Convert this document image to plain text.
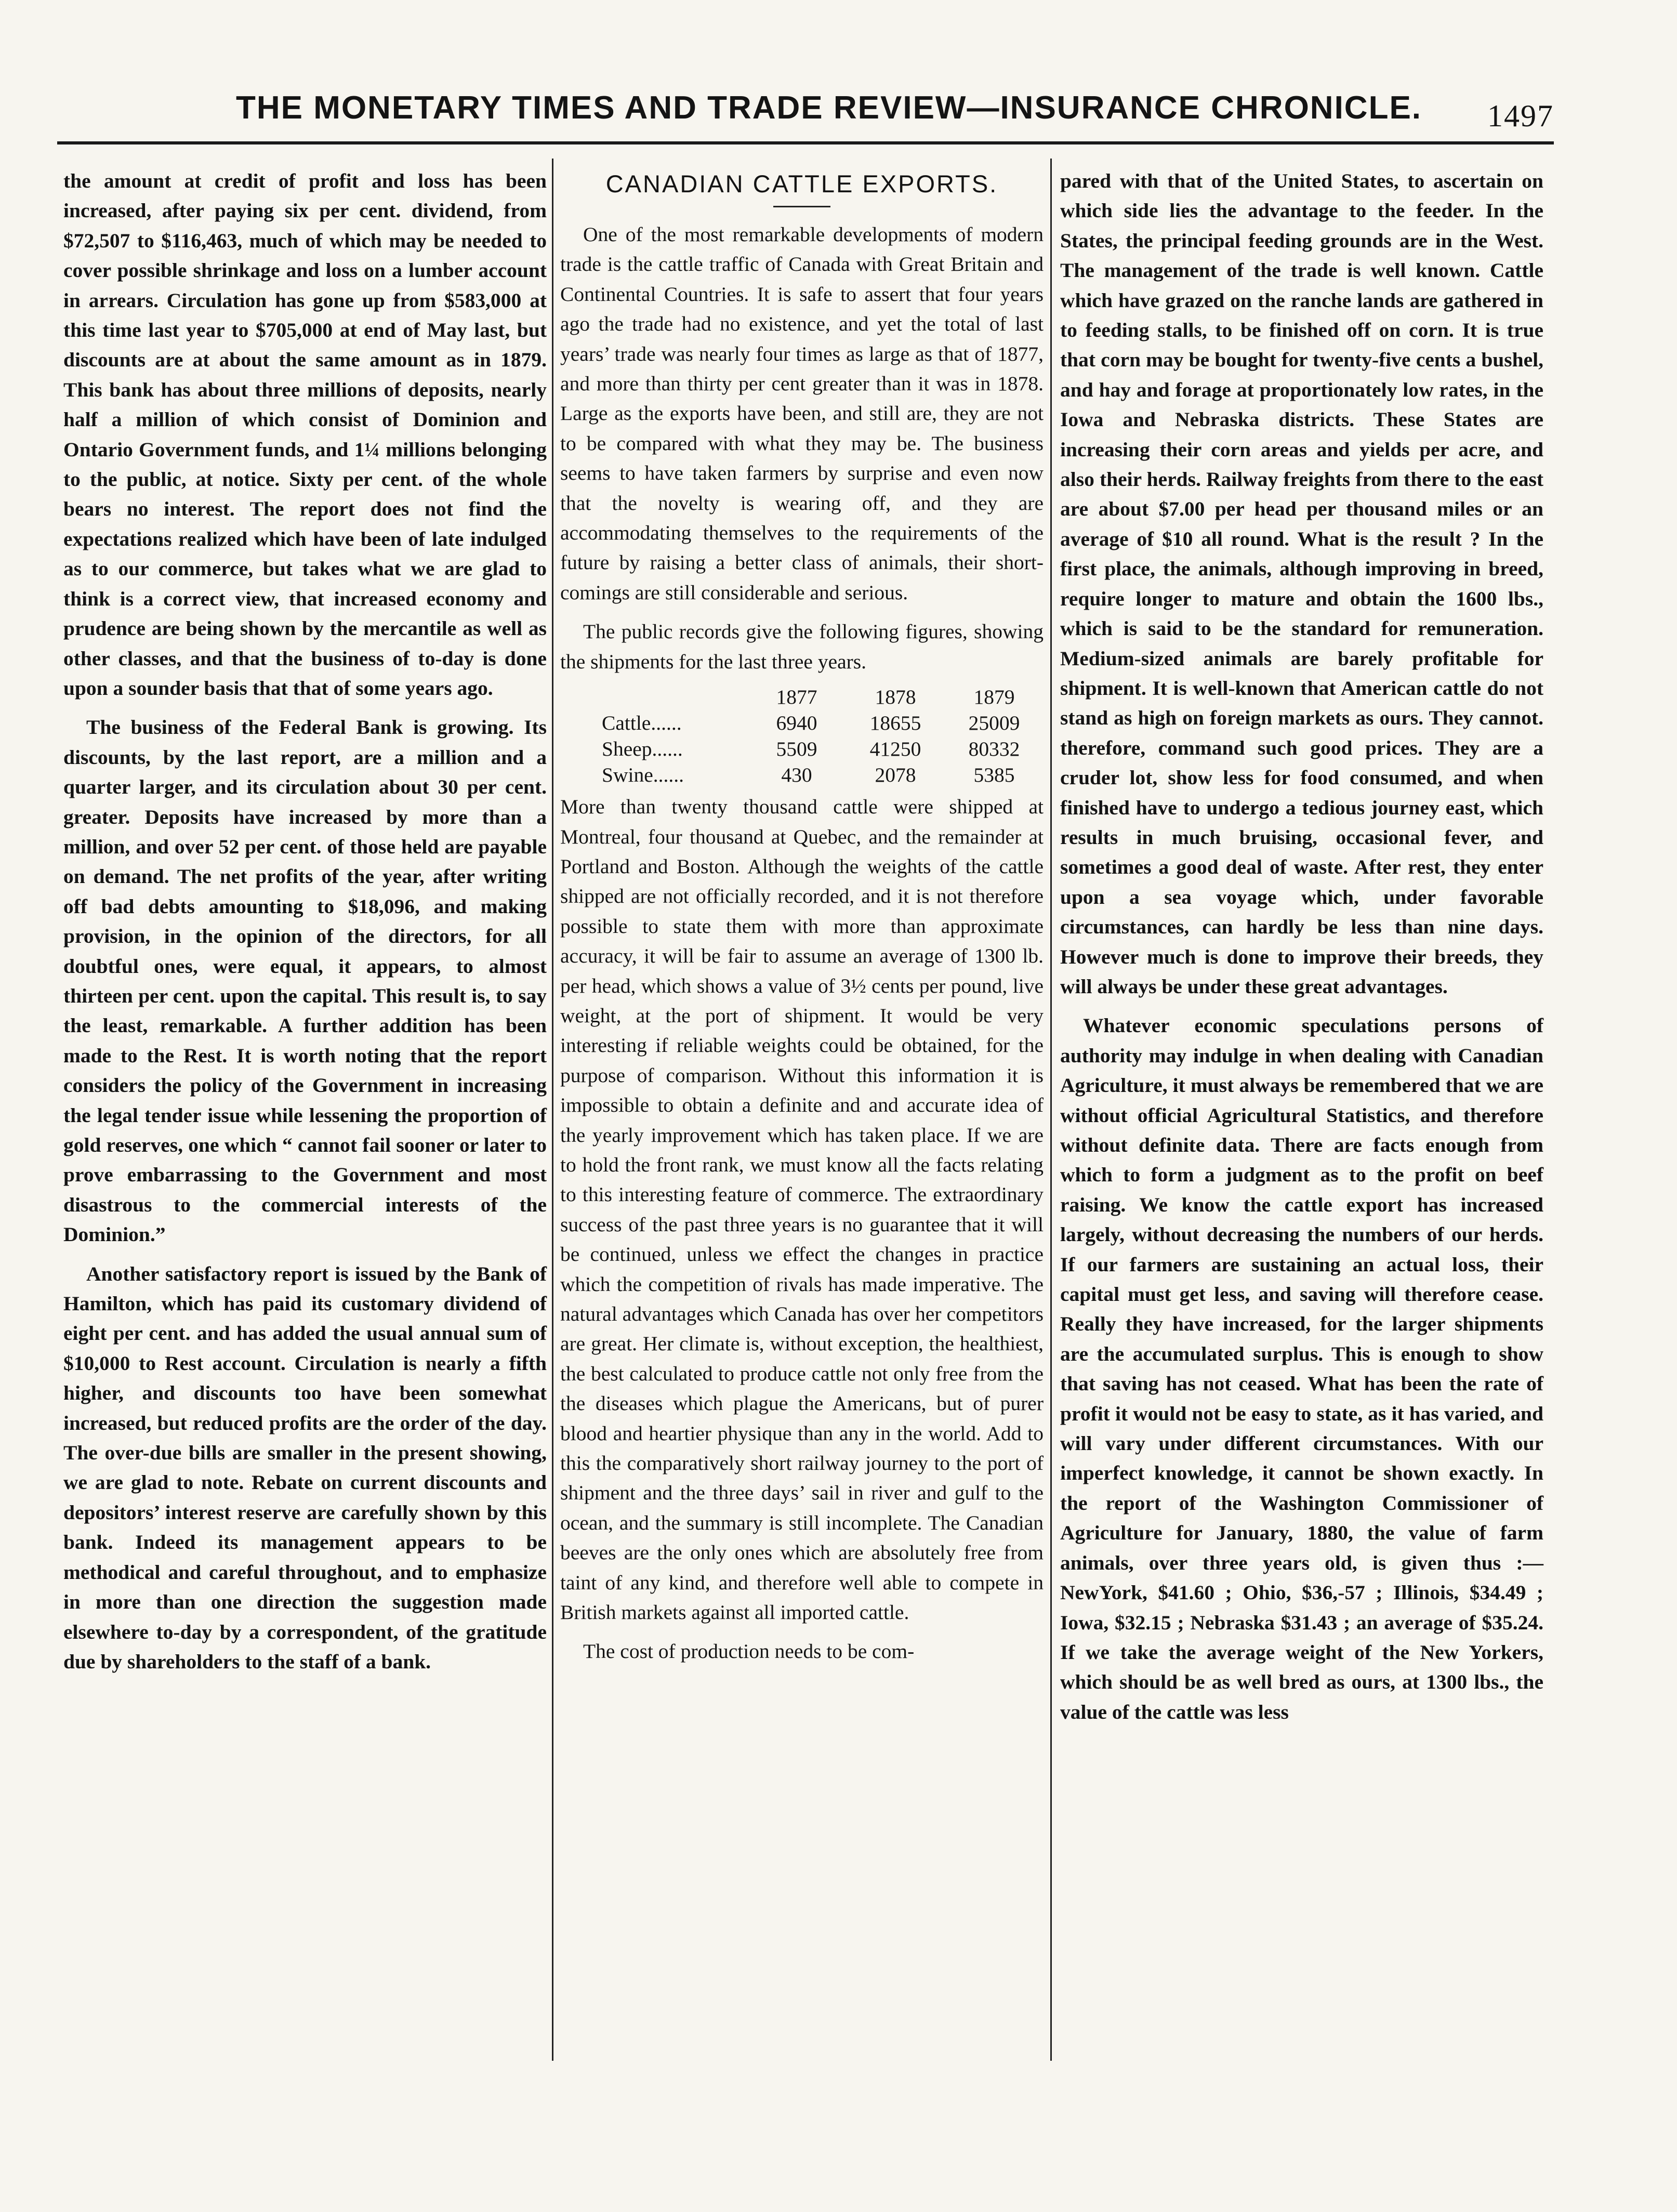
THE MONETARY TIMES AND TRADE REVIEW—INSURANCE CHRONICLE. 1497

the amount at credit of profit and loss has been increased, after paying six per cent. dividend, from $72,507 to $116,463, much of which may be needed to cover possible shrinkage and loss on a lumber account in arrears. Circulation has gone up from $583,000 at this time last year to $705,000 at end of May last, but discounts are at about the same amount as in 1879. This bank has about three millions of deposits, nearly half a million of which consist of Dominion and Ontario Government funds, and 1¼ millions belonging to the public, at notice. Sixty per cent. of the whole bears no interest. The report does not find the expectations realized which have been of late indulged as to our commerce, but takes what we are glad to think is a correct view, that increased economy and prudence are being shown by the mercantile as well as other classes, and that the business of to-day is done upon a sounder basis that that of some years ago.

The business of the Federal Bank is growing. Its discounts, by the last report, are a million and a quarter larger, and its circulation about 30 per cent. greater. Deposits have increased by more than a million, and over 52 per cent. of those held are payable on demand. The net profits of the year, after writing off bad debts amounting to $18,096, and making provision, in the opinion of the directors, for all doubtful ones, were equal, it appears, to almost thirteen per cent. upon the capital. This result is, to say the least, remarkable. A further addition has been made to the Rest. It is worth noting that the report considers the policy of the Government in increasing the legal tender issue while lessening the proportion of gold reserves, one which “ cannot fail sooner or later to prove embarrassing to the Government and most disastrous to the commercial interests of the Dominion.”

Another satisfactory report is issued by the Bank of Hamilton, which has paid its customary dividend of eight per cent. and has added the usual annual sum of $10,000 to Rest account. Circulation is nearly a fifth higher, and discounts too have been somewhat increased, but reduced profits are the order of the day. The over-due bills are smaller in the present showing, we are glad to note. Rebate on current discounts and depositors’ interest reserve are carefully shown by this bank. Indeed its management appears to be methodical and careful throughout, and to emphasize in more than one direction the suggestion made elsewhere to-day by a correspondent, of the gratitude due by shareholders to the staff of a bank.

CANADIAN CATTLE EXPORTS.

One of the most remarkable developments of modern trade is the cattle traffic of Canada with Great Britain and Continental Countries. It is safe to assert that four years ago the trade had no existence, and yet the total of last years’ trade was nearly four times as large as that of 1877, and more than thirty per cent greater than it was in 1878. Large as the exports have been, and still are, they are not to be compared with what they may be. The business seems to have taken farmers by surprise and even now that the novelty is wearing off, and they are accommodating themselves to the requirements of the future by raising a better class of animals, their short-comings are still considerable and serious.

The public records give the following figures, showing the shipments for the last three years.

	1877	1878	1879
Cattle......	6940	18655	25009
Sheep......	5509	41250	80332
Swine......	430	2078	5385

More than twenty thousand cattle were shipped at Montreal, four thousand at Quebec, and the remainder at Portland and Boston. Although the weights of the cattle shipped are not officially recorded, and it is not therefore possible to state them with more than approximate accuracy, it will be fair to assume an average of 1300 lb. per head, which shows a value of 3½ cents per pound, live weight, at the port of shipment. It would be very interesting if reliable weights could be obtained, for the purpose of comparison. Without this information it is impossible to obtain a definite and and accurate idea of the yearly improvement which has taken place. If we are to hold the front rank, we must know all the facts relating to this interesting feature of commerce. The extraordinary success of the past three years is no guarantee that it will be continued, unless we effect the changes in practice which the competition of rivals has made imperative. The natural advantages which Canada has over her competitors are great. Her climate is, without exception, the healthiest, the best calculated to produce cattle not only free from the the diseases which plague the Americans, but of purer blood and heartier physique than any in the world. Add to this the comparatively short railway journey to the port of shipment and the three days’ sail in river and gulf to the ocean, and the summary is still incomplete. The Canadian beeves are the only ones which are absolutely free from taint of any kind, and therefore well able to compete in British markets against all imported cattle.

The cost of production needs to be com-

pared with that of the United States, to ascertain on which side lies the advantage to the feeder. In the States, the principal feeding grounds are in the West. The management of the trade is well known. Cattle which have grazed on the ranche lands are gathered in to feeding stalls, to be finished off on corn. It is true that corn may be bought for twenty-five cents a bushel, and hay and forage at proportionately low rates, in the Iowa and Nebraska districts. These States are increasing their corn areas and yields per acre, and also their herds. Railway freights from there to the east are about $7.00 per head per thousand miles or an average of $10 all round. What is the result ? In the first place, the animals, although improving in breed, require longer to mature and obtain the 1600 lbs., which is said to be the standard for remuneration. Medium-sized animals are barely profitable for shipment. It is well-known that American cattle do not stand as high on foreign markets as ours. They cannot. therefore, command such good prices. They are a cruder lot, show less for food consumed, and when finished have to undergo a tedious journey east, which results in much bruising, occasional fever, and sometimes a good deal of waste. After rest, they enter upon a sea voyage which, under favorable circumstances, can hardly be less than nine days. However much is done to improve their breeds, they will always be under these great advantages.

Whatever economic speculations persons of authority may indulge in when dealing with Canadian Agriculture, it must always be remembered that we are without official Agricultural Statistics, and therefore without definite data. There are facts enough from which to form a judgment as to the profit on beef raising. We know the cattle export has increased largely, without decreasing the numbers of our herds. If our farmers are sustaining an actual loss, their capital must get less, and saving will therefore cease. Really they have increased, for the larger shipments are the accumulated surplus. This is enough to show that saving has not ceased. What has been the rate of profit it would not be easy to state, as it has varied, and will vary under different circumstances. With our imperfect knowledge, it cannot be shown exactly. In the report of the Washington Commissioner of Agriculture for January, 1880, the value of farm animals, over three years old, is given thus :—NewYork, $41.60 ; Ohio, $36,-57 ; Illinois, $34.49 ; Iowa, $32.15 ; Nebraska $31.43 ; an average of $35.24. If we take the average weight of the New Yorkers, which should be as well bred as ours, at 1300 lbs., the value of the cattle was less
